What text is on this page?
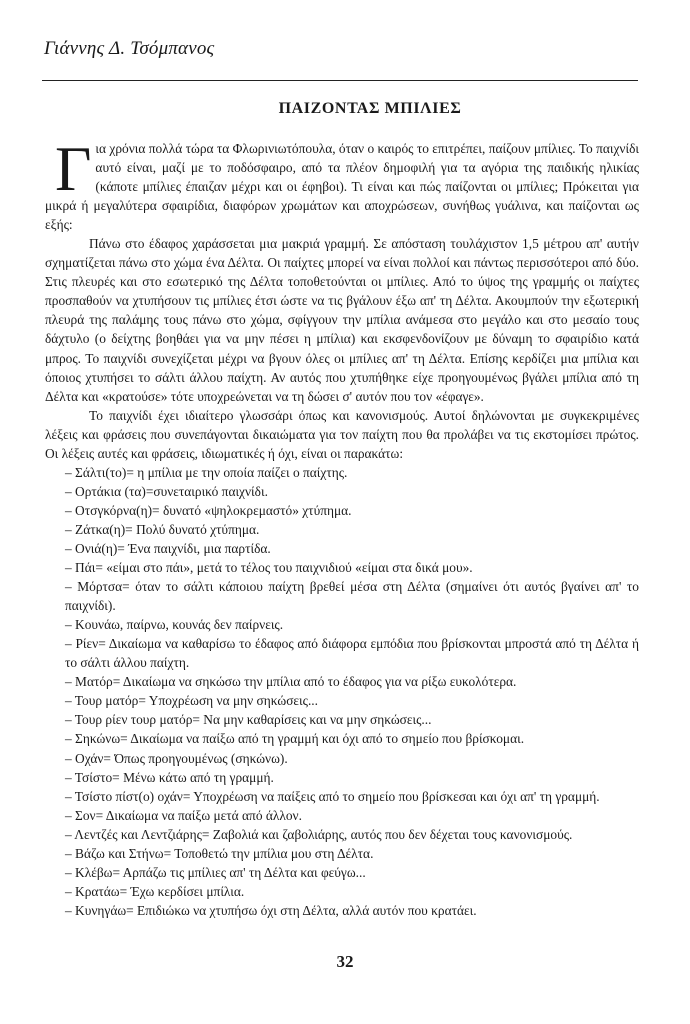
Γιάννης Δ. Τσόμπανος
ΠΑΙΖΟΝΤΑΣ ΜΠΙΛΙΕΣ

Για χρόνια πολλά τώρα τα Φλωρινιωτόπουλα, όταν ο καιρός το επιτρέπει, παίζουν μπίλιες. Το παιχνίδι αυτό είναι, μαζί με το ποδόσφαιρο, από τα πλέον δημοφιλή για τα αγόρια της παιδικής ηλικίας (κάποτε μπίλιες έπαιζαν μέχρι και οι έφηβοι). Τι είναι και πώς παίζονται οι μπίλιες; Πρόκειται για μικρά ή μεγαλύτερα σφαιρίδια, διαφόρων χρωμάτων και αποχρώσεων, συνήθως γυάλινα, και παίζονται ως εξής:

Πάνω στο έδαφος χαράσσεται μια μακριά γραμμή. Σε απόσταση τουλάχιστον 1,5 μέτρου απ' αυτήν σχηματίζεται πάνω στο χώμα ένα Δέλτα. Οι παίχτες μπορεί να είναι πολλοί και πάντως περισσότεροι από δύο. Στις πλευρές και στο εσωτερικό της Δέλτα τοποθετούνται οι μπίλιες. Από το ύψος της γραμμής οι παίχτες προσπαθούν να χτυπήσουν τις μπίλιες έτσι ώστε να τις βγάλουν έξω απ' τη Δέλτα. Ακουμπούν την εξωτερική πλευρά της παλάμης τους πάνω στο χώμα, σφίγγουν την μπίλια ανάμεσα στο μεγάλο και στο μεσαίο τους δάχτυλο (ο δείχτης βοηθάει για να μην πέσει η μπίλια) και εκσφενδονίζουν με δύναμη το σφαιρίδιο κατά μπρος. Το παιχνίδι συνεχίζεται μέχρι να βγουν όλες οι μπίλιες απ' τη Δέλτα. Επίσης κερδίζει μια μπίλια και όποιος χτυπήσει το σάλτι άλλου παίχτη. Αν αυτός που χτυπήθηκε είχε προηγουμένως βγάλει μπίλια από τη Δέλτα και «κρατούσε» τότε υποχρεώνεται να τη δώσει σ' αυτόν που τον «έφαγε».

Το παιχνίδι έχει ιδιαίτερο γλωσσάρι όπως και κανονισμούς. Αυτοί δηλώνονται με συγκεκριμένες λέξεις και φράσεις που συνεπάγονται δικαιώματα για τον παίχτη που θα προλάβει να τις εκστομίσει πρώτος. Οι λέξεις αυτές και φράσεις, ιδιωματικές ή όχι, είναι οι παρακάτω:

– Σάλτι(το)= η μπίλια με την οποία παίζει ο παίχτης.

– Ορτάκια (τα)=συνεταιρικό παιχνίδι.

– Οτσγκόρνα(η)= δυνατό «ψηλοκρεμαστό» χτύπημα.

– Ζάτκα(η)= Πολύ δυνατό χτύπημα.

– Ονιά(η)= Ένα παιχνίδι, μια παρτίδα.

– Πάι= «είμαι στο πάι», μετά το τέλος του παιχνιδιού «είμαι στα δικά μου».

– Μόρτσα= όταν το σάλτι κάποιου παίχτη βρεθεί μέσα στη Δέλτα (σημαίνει ότι αυτός βγαίνει απ' το παιχνίδι).

– Κουνάω, παίρνω, κουνάς δεν παίρνεις.

– Ρίεν= Δικαίωμα να καθαρίσω το έδαφος από διάφορα εμπόδια που βρίσκονται μπροστά από τη Δέλτα ή το σάλτι άλλου παίχτη.

– Ματόρ= Δικαίωμα να σηκώσω την μπίλια από το έδαφος για να ρίξω ευκολότερα.

– Τουρ ματόρ= Υποχρέωση να μην σηκώσεις...

– Τουρ ρίεν τουρ ματόρ= Να μην καθαρίσεις και να μην σηκώσεις...

– Σηκώνω= Δικαίωμα να παίξω από τη γραμμή και όχι από το σημείο που βρίσκομαι.

– Οχάν= Όπως προηγουμένως (σηκώνω).

– Τσίστο= Μένω κάτω από τη γραμμή.

– Τσίστο πίστ(ο) οχάν= Υποχρέωση να παίξεις από το σημείο που βρίσκεσαι και όχι απ' τη γραμμή.

– Σον= Δικαίωμα να παίξω μετά από άλλον.

– Λεντζές και Λεντζιάρης= Ζαβολιά και ζαβολιάρης, αυτός που δεν δέχεται τους κανονισμούς.

– Βάζω και Στήνω= Τοποθετώ την μπίλια μου στη Δέλτα.

– Κλέβω= Αρπάζω τις μπίλιες απ' τη Δέλτα και φεύγω...

– Κρατάω= Έχω κερδίσει μπίλια.

– Κυνηγάω= Επιδιώκω να χτυπήσω όχι στη Δέλτα, αλλά αυτόν που κρατάει.

32
